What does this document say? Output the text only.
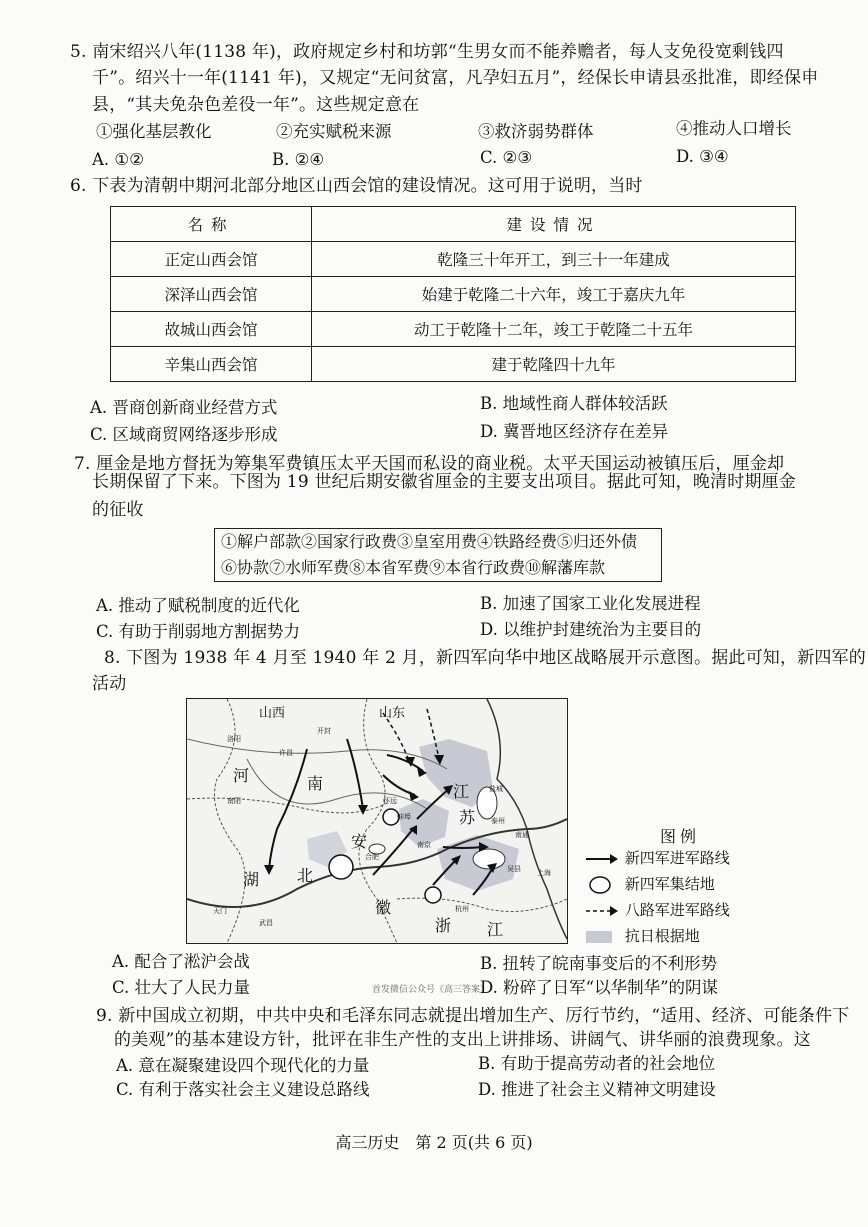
5. 南宋绍兴八年(1138 年)，政府规定乡村和坊郭“生男女而不能养赡者，每人支免役宽剩钱四
千”。绍兴十一年(1141 年)，又规定“无问贫富，凡孕妇五月”，经保长申请县丞批准，即经保申
县，“其夫免杂色差役一年”。这些规定意在
①强化基层教化	②充实赋税来源	③救济弱势群体	④推动人口增长
A. ①②	B. ②④	C. ②③	D. ③④
6. 下表为清朝中期河北部分地区山西会馆的建设情况。这可用于说明，当时
名称	建设情况
正定山西会馆	乾隆三十年开工，到三十一年建成
深泽山西会馆	始建于乾隆二十六年，竣工于嘉庆九年
故城山西会馆	动工于乾隆十二年，竣工于乾隆二十五年
辛集山西会馆	建于乾隆四十九年
A. 晋商创新商业经营方式	B. 地域性商人群体较活跃
C. 区域商贸网络逐步形成	D. 冀晋地区经济存在差异
7. 厘金是地方督抚为筹集军费镇压太平天国而私设的商业税。太平天国运动被镇压后，厘金却
长期保留了下来。下图为 19 世纪后期安徽省厘金的主要支出项目。据此可知，晚清时期厘金
的征收
①解户部款②国家行政费③皇室用费④铁路经费⑤归还外债
⑥协款⑦水师军费⑧本省军费⑨本省行政费⑩解藩库款
A. 推动了赋税制度的近代化	B. 加速了国家工业化发展进程
C. 有助于削弱地方割据势力	D. 以维护封建统治为主要目的
8. 下图为 1938 年 4 月至 1940 年 2 月，新四军向华中地区战略展开示意图。据此可知，新四军的
活动
山西	山东
河	南	江
苏
安
湖 北
徽
浙 江
洛阳
开封
许昌
南阳	怀远
蚌埠
合肥
天门
南京
南通
上海
武昌
杭州
盐城
泰州
吴县
图例
新四军进军路线
新四军集结地
八路军进军路线
抗日根据地
首发微信公众号《高三答案》
A. 配合了淞沪会战	B. 扭转了皖南事变后的不利形势
C. 壮大了人民力量	D. 粉碎了日军“以华制华”的阴谋
9. 新中国成立初期，中共中央和毛泽东同志就提出增加生产、厉行节约，“适用、经济、可能条件下
的美观”的基本建设方针，批评在非生产性的支出上讲排场、讲阔气、讲华丽的浪费现象。这
A. 意在凝聚建设四个现代化的力量	B. 有助于提高劳动者的社会地位
C. 有利于落实社会主义建设总路线	D. 推进了社会主义精神文明建设
高三历史　第 2 页(共 6 页)
